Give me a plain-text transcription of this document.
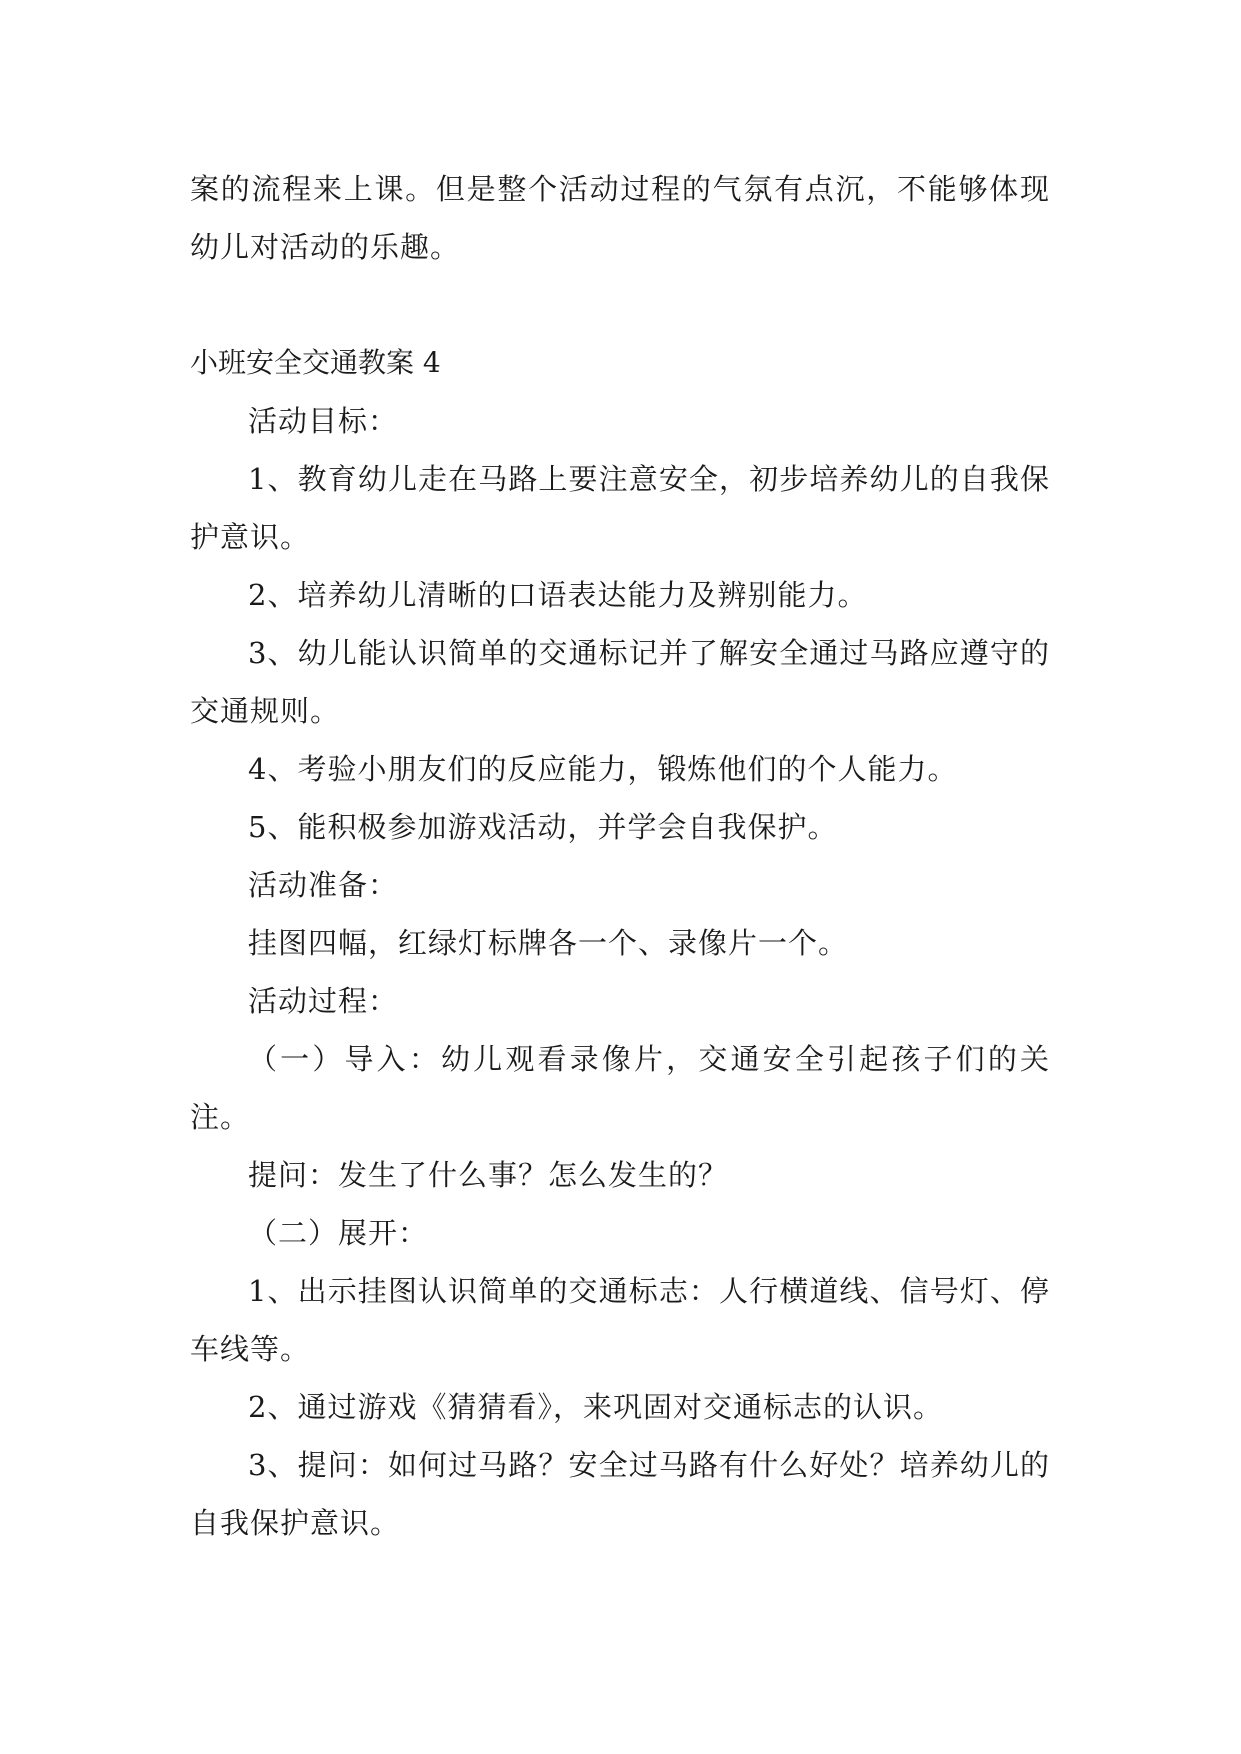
案的流程来上课。但是整个活动过程的气氛有点沉，不能够体现幼儿对活动的乐趣。

小班安全交通教案 4

活动目标：

1、教育幼儿走在马路上要注意安全，初步培养幼儿的自我保护意识。

2、培养幼儿清晰的口语表达能力及辨别能力。

3、幼儿能认识简单的交通标记并了解安全通过马路应遵守的交通规则。

4、考验小朋友们的反应能力，锻炼他们的个人能力。

5、能积极参加游戏活动，并学会自我保护。

活动准备：

挂图四幅，红绿灯标牌各一个、录像片一个。

活动过程：

（一）导入：幼儿观看录像片，交通安全引起孩子们的关注。

提问：发生了什么事？怎么发生的？

（二）展开：

1、出示挂图认识简单的交通标志：人行横道线、信号灯、停车线等。

2、通过游戏《猜猜看》，来巩固对交通标志的认识。

3、提问：如何过马路？安全过马路有什么好处？培养幼儿的自我保护意识。
